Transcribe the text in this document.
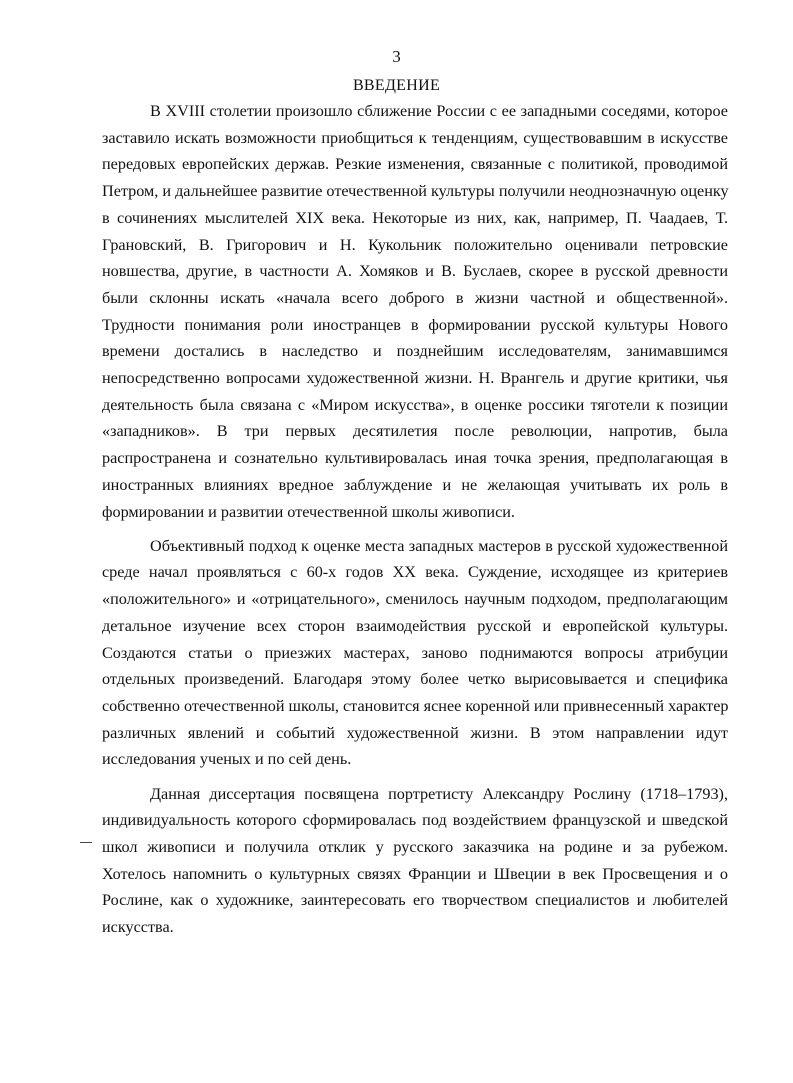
3
ВВЕДЕНИЕ

В XVIII столетии произошло сближение России с ее западными соседями, которое
заставило искать возможности приобщиться к тенденциям, существовавшим в искусстве
передовых европейских держав. Резкие изменения, связанные с политикой, проводимой
Петром, и дальнейшее развитие отечественной культуры получили неоднозначную оценку
в сочинениях мыслителей XIX века. Некоторые из них, как, например, П. Чаадаев, Т.
Грановский, В. Григорович и Н. Кукольник положительно оценивали петровские
новшества, другие, в частности А. Хомяков и В. Буслаев, скорее в русской древности
были склонны искать «начала всего доброго в жизни частной и общественной».
Трудности понимания роли иностранцев в формировании русской культуры Нового
времени достались в наследство и позднейшим исследователям, занимавшимся
непосредственно вопросами художественной жизни. Н. Врангель и другие критики, чья
деятельность была связана с «Миром искусства», в оценке россики тяготели к позиции
«западников». В три первых десятилетия после революции, напротив, была
распространена и сознательно культивировалась иная точка зрения, предполагающая в
иностранных влияниях вредное заблуждение и не желающая учитывать их роль в
формировании и развитии отечественной школы живописи.

Объективный подход к оценке места западных мастеров в русской художественной
среде начал проявляться с 60-х годов XX века. Суждение, исходящее из критериев
«положительного» и «отрицательного», сменилось научным подходом, предполагающим
детальное изучение всех сторон взаимодействия русской и европейской культуры.
Создаются статьи о приезжих мастерах, заново поднимаются вопросы атрибуции
отдельных произведений. Благодаря этому более четко вырисовывается и специфика
собственно отечественной школы, становится яснее коренной или привнесенный характер
различных явлений и событий художественной жизни. В этом направлении идут
исследования ученых и по сей день.

Данная диссертация посвящена портретисту Александру Рослину (1718–1793),
индивидуальность которого сформировалась под воздействием французской и шведской
школ живописи и получила отклик у русского заказчика на родине и за рубежом.
Хотелось напомнить о культурных связях Франции и Швеции в век Просвещения и о
Рослине, как о художнике, заинтересовать его творчеством специалистов и любителей
искусства.
